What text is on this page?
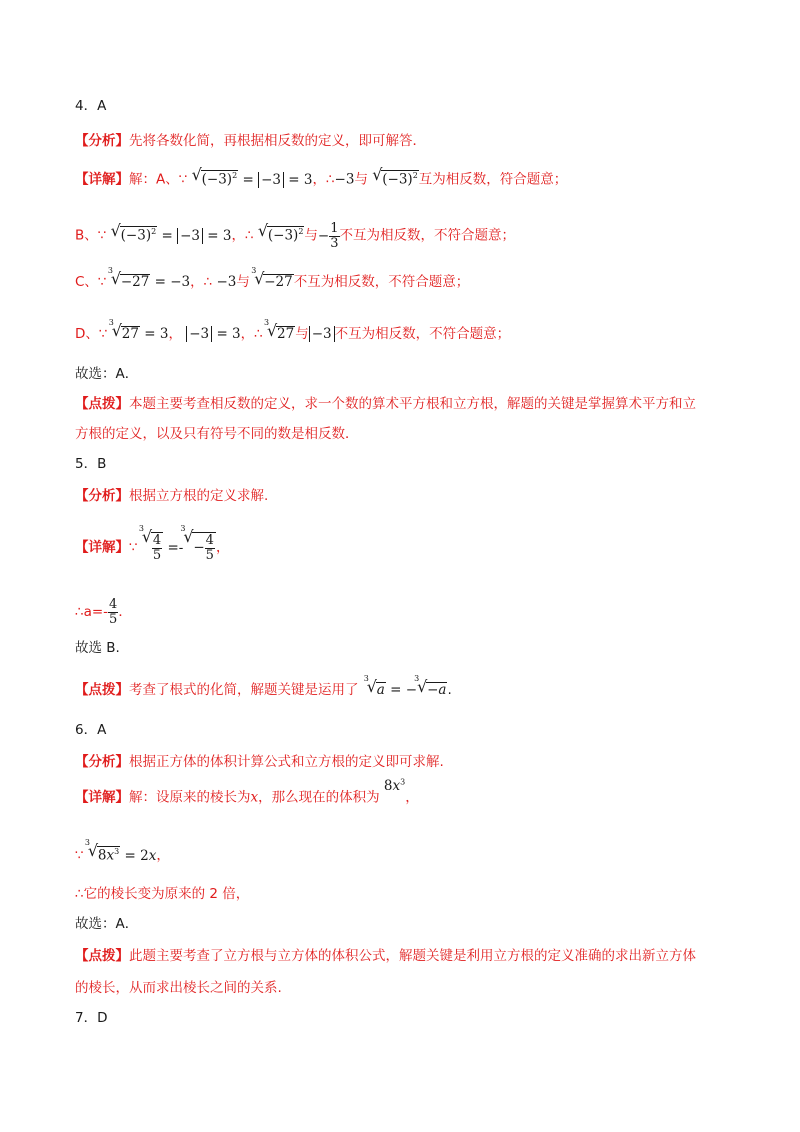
4．A
【分析】先将各数化简，再根据相反数的定义，即可解答．
【详解】解：A、∵ √ $(-3)^2 = -3 = 3$，∴−3与 √ $(-3)^2$互为相反数，符合题意；
B、∵ √ $(-3)^2 = -3 = 3$，∴ √ $(-3)^2$与− $\frac{1}{3}$ 不互为相反数，不符合题意；
C、∵
√ 3
−27 = −3，∴ −3与
√ 3
−27不互为相反数，不符合题意；
D、∵
√ 3
27 = 3， −3 = 3，∴
√ 3
27与 −3 不互为相反数，不符合题意；
故选：A．
【点拨】本题主要考查相反数的定义，求一个数的算术平方根和立方根，解题的关键是掌握算术平方和立
方根的定义，以及只有符号不同的数是相反数．
5．B
【分析】根据立方根的定义求解.
【详解】∵
√ 3
$\frac{4}{5}$ =-
√ 3
− $\frac{4}{5}$ ，
∴a=- $\frac{4}{5}$ ．
故选 B.
【点拨】考查了根式的化简，解题关键是运用了
√ 3
a = −
√ 3
−a.
6．A
【分析】根据正方体的体积计算公式和立方根的定义即可求解.
【详解】解：设原来的棱长为x，那么现在的体积为 $8x^3$，
∵
√ 3
$8x^3 = 2x$，
∴它的棱长变为原来的 2 倍，
故选：A．
【点拨】此题主要考查了立方根与立方体的体积公式，解题关键是利用立方根的定义准确的求出新立方体
的棱长，从而求出棱长之间的关系.
7．D
